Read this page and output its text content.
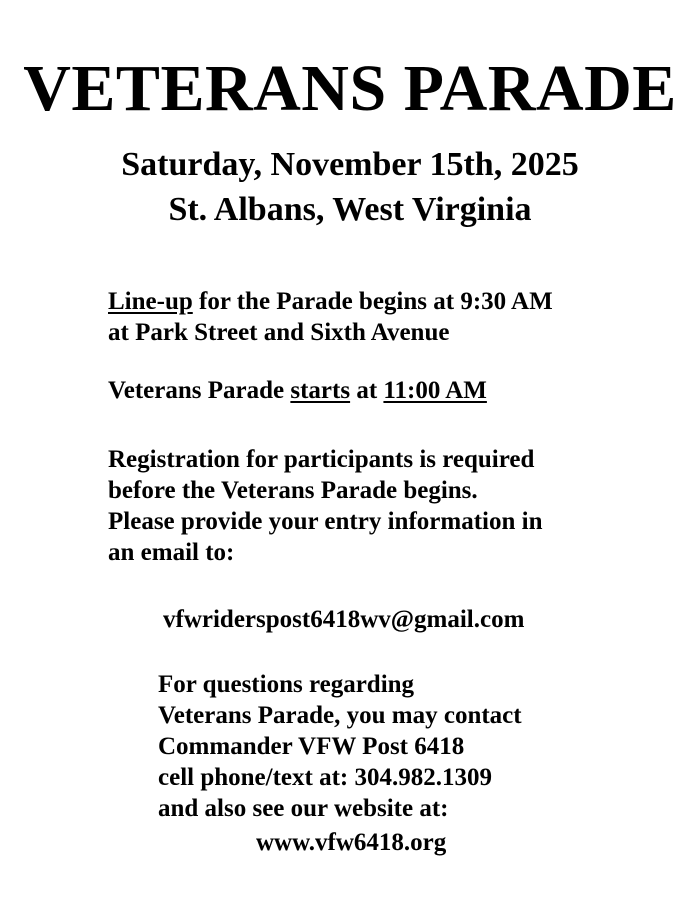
VETERANS PARADE
Saturday, November 15th, 2025
St. Albans, West Virginia
Line-up for the Parade begins at 9:30 AM
at Park Street and Sixth Avenue
Veterans Parade starts at 11:00 AM
Registration for participants is required
before the Veterans Parade begins.
Please provide your entry information in
an email to:
vfwriderspost6418wv@gmail.com
For questions regarding
Veterans Parade, you may contact
Commander VFW Post 6418
cell phone/text at: 304.982.1309
and also see our website at:
www.vfw6418.org
